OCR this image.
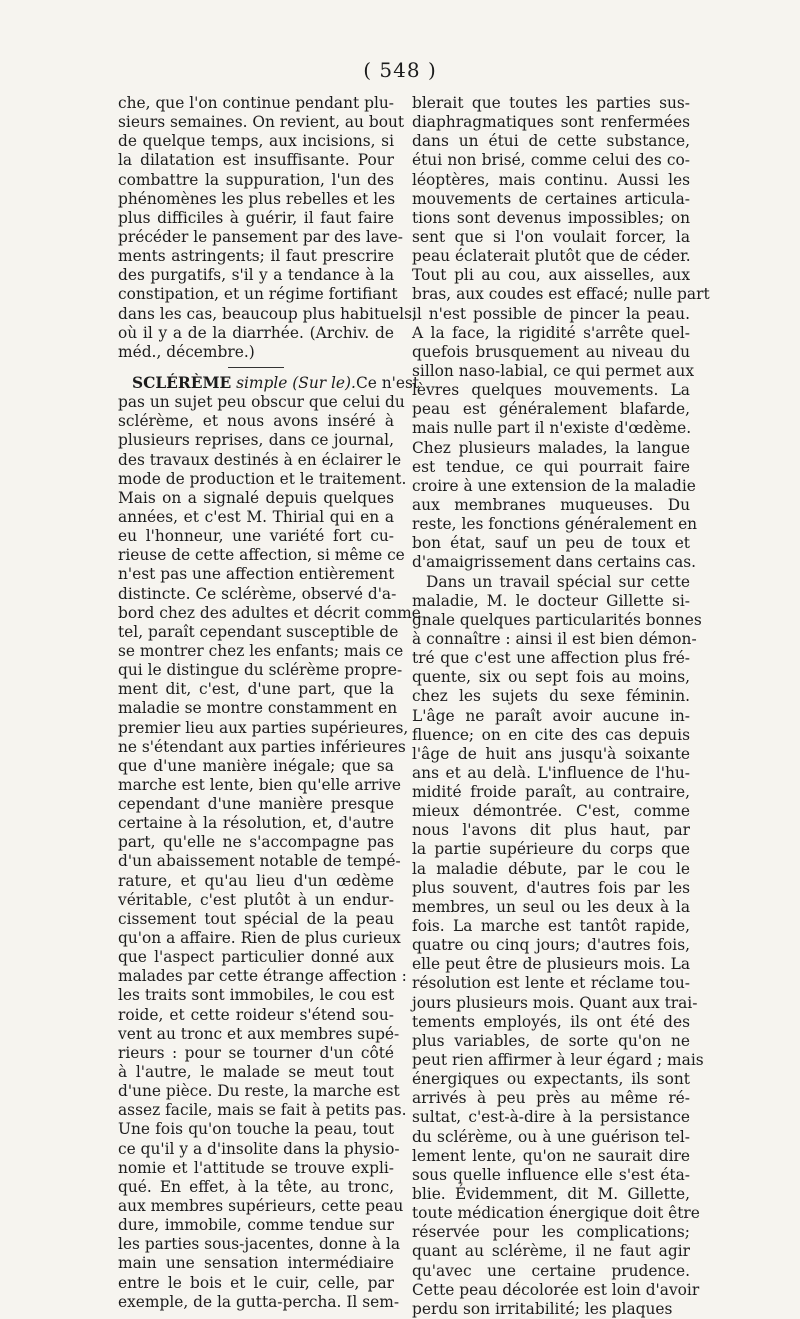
( 548 )
che, que l'on continue pendant plu-
sieurs semaines. On revient, au bout
de quelque temps, aux incisions, si
la dilatation est insuffisante. Pour
combattre la suppuration, l'un des
phénomènes les plus rebelles et les
plus difficiles à guérir, il faut faire
précéder le pansement par des lave-
ments astringents; il faut prescrire
des purgatifs, s'il y a tendance à la
constipation, et un régime fortifiant
dans les cas, beaucoup plus habituels,
où il y a de la diarrhée. (Archiv. de
méd., décembre.)
SCLÉRÈME simple (Sur le).Ce n'est
pas un sujet peu obscur que celui du
sclérème, et nous avons inséré à
plusieurs reprises, dans ce journal,
des travaux destinés à en éclairer le
mode de production et le traitement.
Mais on a signalé depuis quelques
années, et c'est M. Thirial qui en a
eu l'honneur, une variété fort cu-
rieuse de cette affection, si même ce
n'est pas une affection entièrement
distincte. Ce sclérème, observé d'a-
bord chez des adultes et décrit comme
tel, paraît cependant susceptible de
se montrer chez les enfants; mais ce
qui le distingue du sclérème propre-
ment dit, c'est, d'une part, que la
maladie se montre constamment en
premier lieu aux parties supérieures,
ne s'étendant aux parties inférieures
que d'une manière inégale; que sa
marche est lente, bien qu'elle arrive
cependant d'une manière presque
certaine à la résolution, et, d'autre
part, qu'elle ne s'accompagne pas
d'un abaissement notable de tempé-
rature, et qu'au lieu d'un œdème
véritable, c'est plutôt à un endur-
cissement tout spécial de la peau
qu'on a affaire. Rien de plus curieux
que l'aspect particulier donné aux
malades par cette étrange affection :
les traits sont immobiles, le cou est
roide, et cette roideur s'étend sou-
vent au tronc et aux membres supé-
rieurs : pour se tourner d'un côté
à l'autre, le malade se meut tout
d'une pièce. Du reste, la marche est
assez facile, mais se fait à petits pas.
Une fois qu'on touche la peau, tout
ce qu'il y a d'insolite dans la physio-
nomie et l'attitude se trouve expli-
qué. En effet, à la tête, au tronc,
aux membres supérieurs, cette peau
dure, immobile, comme tendue sur
les parties sous-jacentes, donne à la
main une sensation intermédiaire
entre le bois et le cuir, celle, par
exemple, de la gutta-percha. Il sem-
blerait que toutes les parties sus-
diaphragmatiques sont renfermées
dans un étui de cette substance,
étui non brisé, comme celui des co-
léoptères, mais continu. Aussi les
mouvements de certaines articula-
tions sont devenus impossibles; on
sent que si l'on voulait forcer, la
peau éclaterait plutôt que de céder.
Tout pli au cou, aux aisselles, aux
bras, aux coudes est effacé; nulle part
il n'est possible de pincer la peau.
A la face, la rigidité s'arrête quel-
quefois brusquement au niveau du
sillon naso-labial, ce qui permet aux
lèvres quelques mouvements. La
peau est généralement blafarde,
mais nulle part il n'existe d'œdème.
Chez plusieurs malades, la langue
est tendue, ce qui pourrait faire
croire à une extension de la maladie
aux membranes muqueuses. Du
reste, les fonctions généralement en
bon état, sauf un peu de toux et
d'amaigrissement dans certains cas.
Dans un travail spécial sur cette
maladie, M. le docteur Gillette si-
gnale quelques particularités bonnes
à connaître : ainsi il est bien démon-
tré que c'est une affection plus fré-
quente, six ou sept fois au moins,
chez les sujets du sexe féminin.
L'âge ne paraît avoir aucune in-
fluence; on en cite des cas depuis
l'âge de huit ans jusqu'à soixante
ans et au delà. L'influence de l'hu-
midité froide paraît, au contraire,
mieux démontrée. C'est, comme
nous l'avons dit plus haut, par
la partie supérieure du corps que
la maladie débute, par le cou le
plus souvent, d'autres fois par les
membres, un seul ou les deux à la
fois. La marche est tantôt rapide,
quatre ou cinq jours; d'autres fois,
elle peut être de plusieurs mois. La
résolution est lente et réclame tou-
jours plusieurs mois. Quant aux trai-
tements employés, ils ont été des
plus variables, de sorte qu'on ne
peut rien affirmer à leur égard ; mais
énergiques ou expectants, ils sont
arrivés à peu près au même ré-
sultat, c'est-à-dire à la persistance
du sclérème, ou à une guérison tel-
lement lente, qu'on ne saurait dire
sous quelle influence elle s'est éta-
blie. Évidemment, dit M. Gillette,
toute médication énergique doit être
réservée pour les complications;
quant au sclérème, il ne faut agir
qu'avec une certaine prudence.
Cette peau décolorée est loin d'avoir
perdu son irritabilité; les plaques
